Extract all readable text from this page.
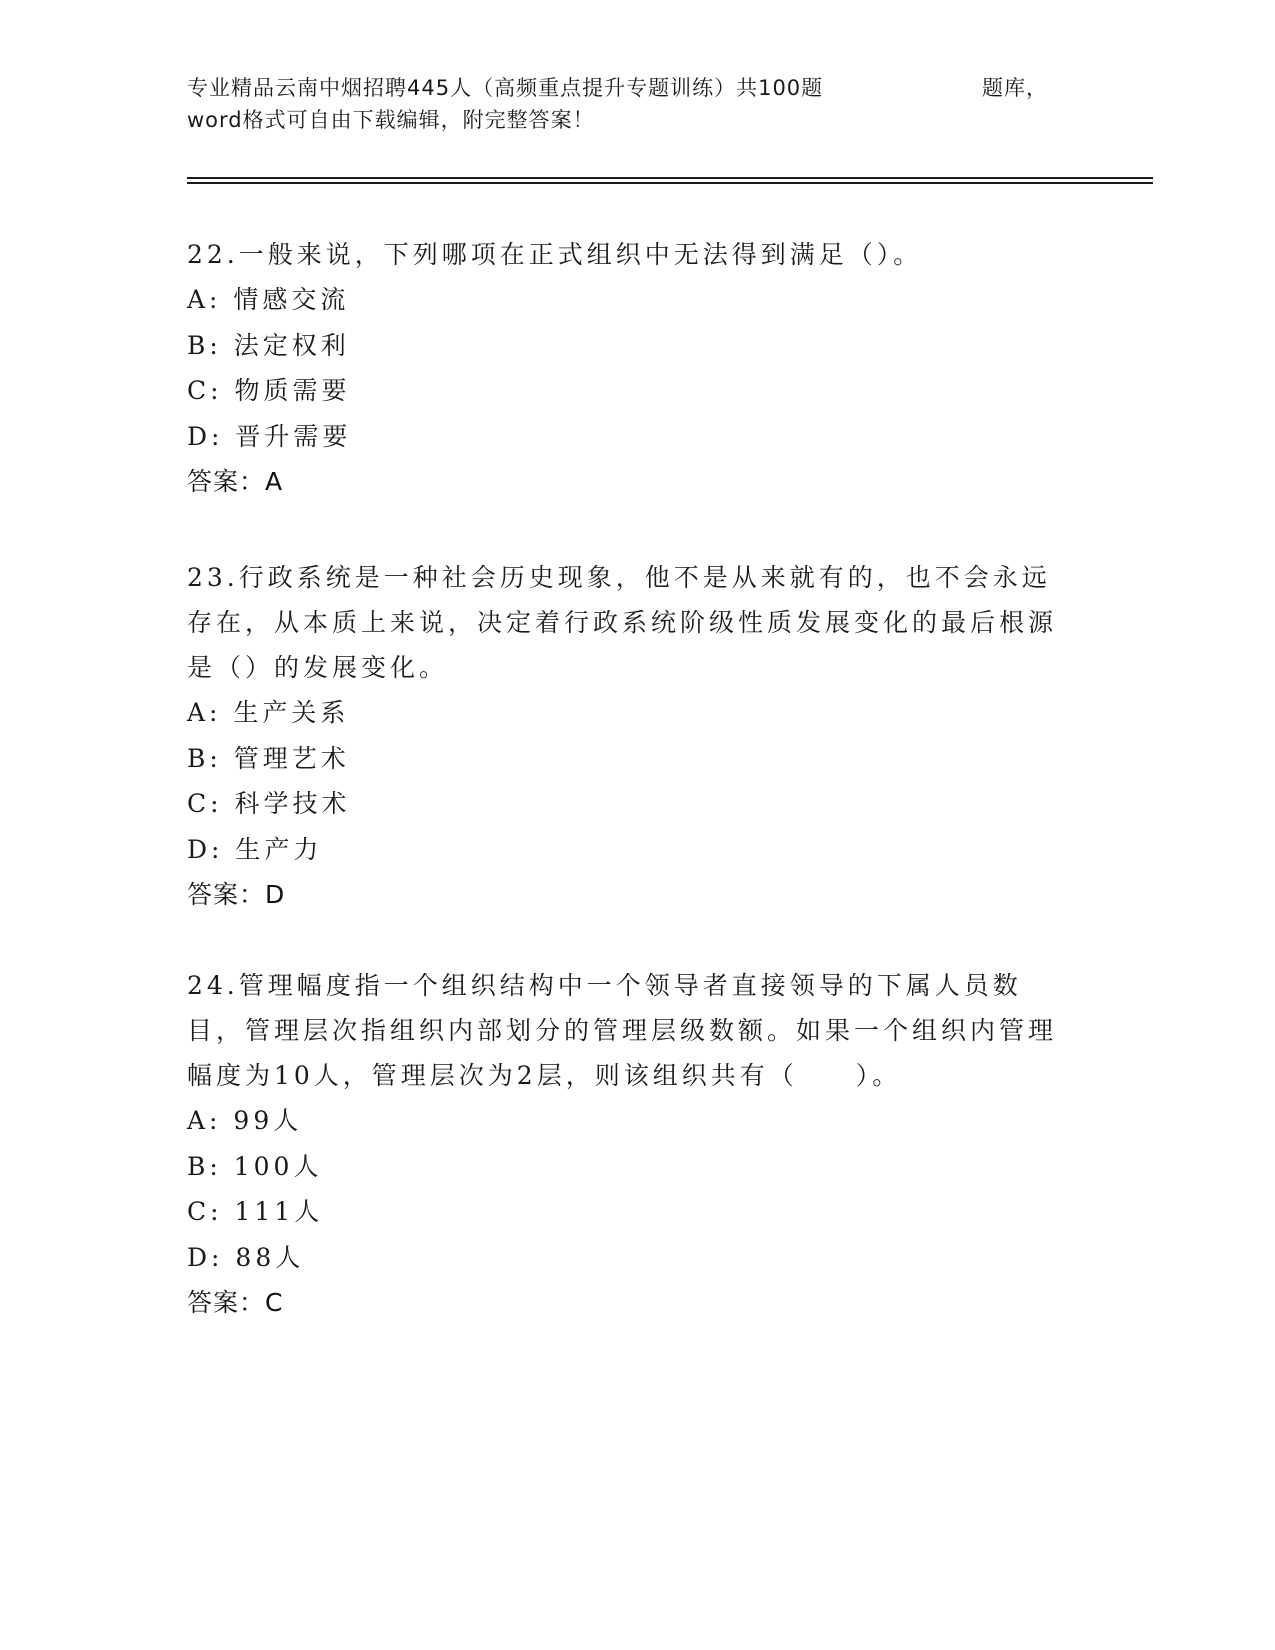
专业精品云南中烟招聘445人（高频重点提升专题训练）共100题	题库，
word格式可自由下载编辑，附完整答案！

22.一般来说，下列哪项在正式组织中无法得到满足（）。

A: 情感交流

B: 法定权利

C: 物质需要

D: 晋升需要

答案：A

23.行政系统是一种社会历史现象，他不是从来就有的，也不会永远存在，从本质上来说，决定着行政系统阶级性质发展变化的最后根源是（）的发展变化。

A: 生产关系

B: 管理艺术

C: 科学技术

D: 生产力

答案：D

24.管理幅度指一个组织结构中一个领导者直接领导的下属人员数目，管理层次指组织内部划分的管理层级数额。如果一个组织内管理幅度为10人，管理层次为2层，则该组织共有（　　）。

A: 99人

B: 100人

C: 111人

D: 88人

答案：C
